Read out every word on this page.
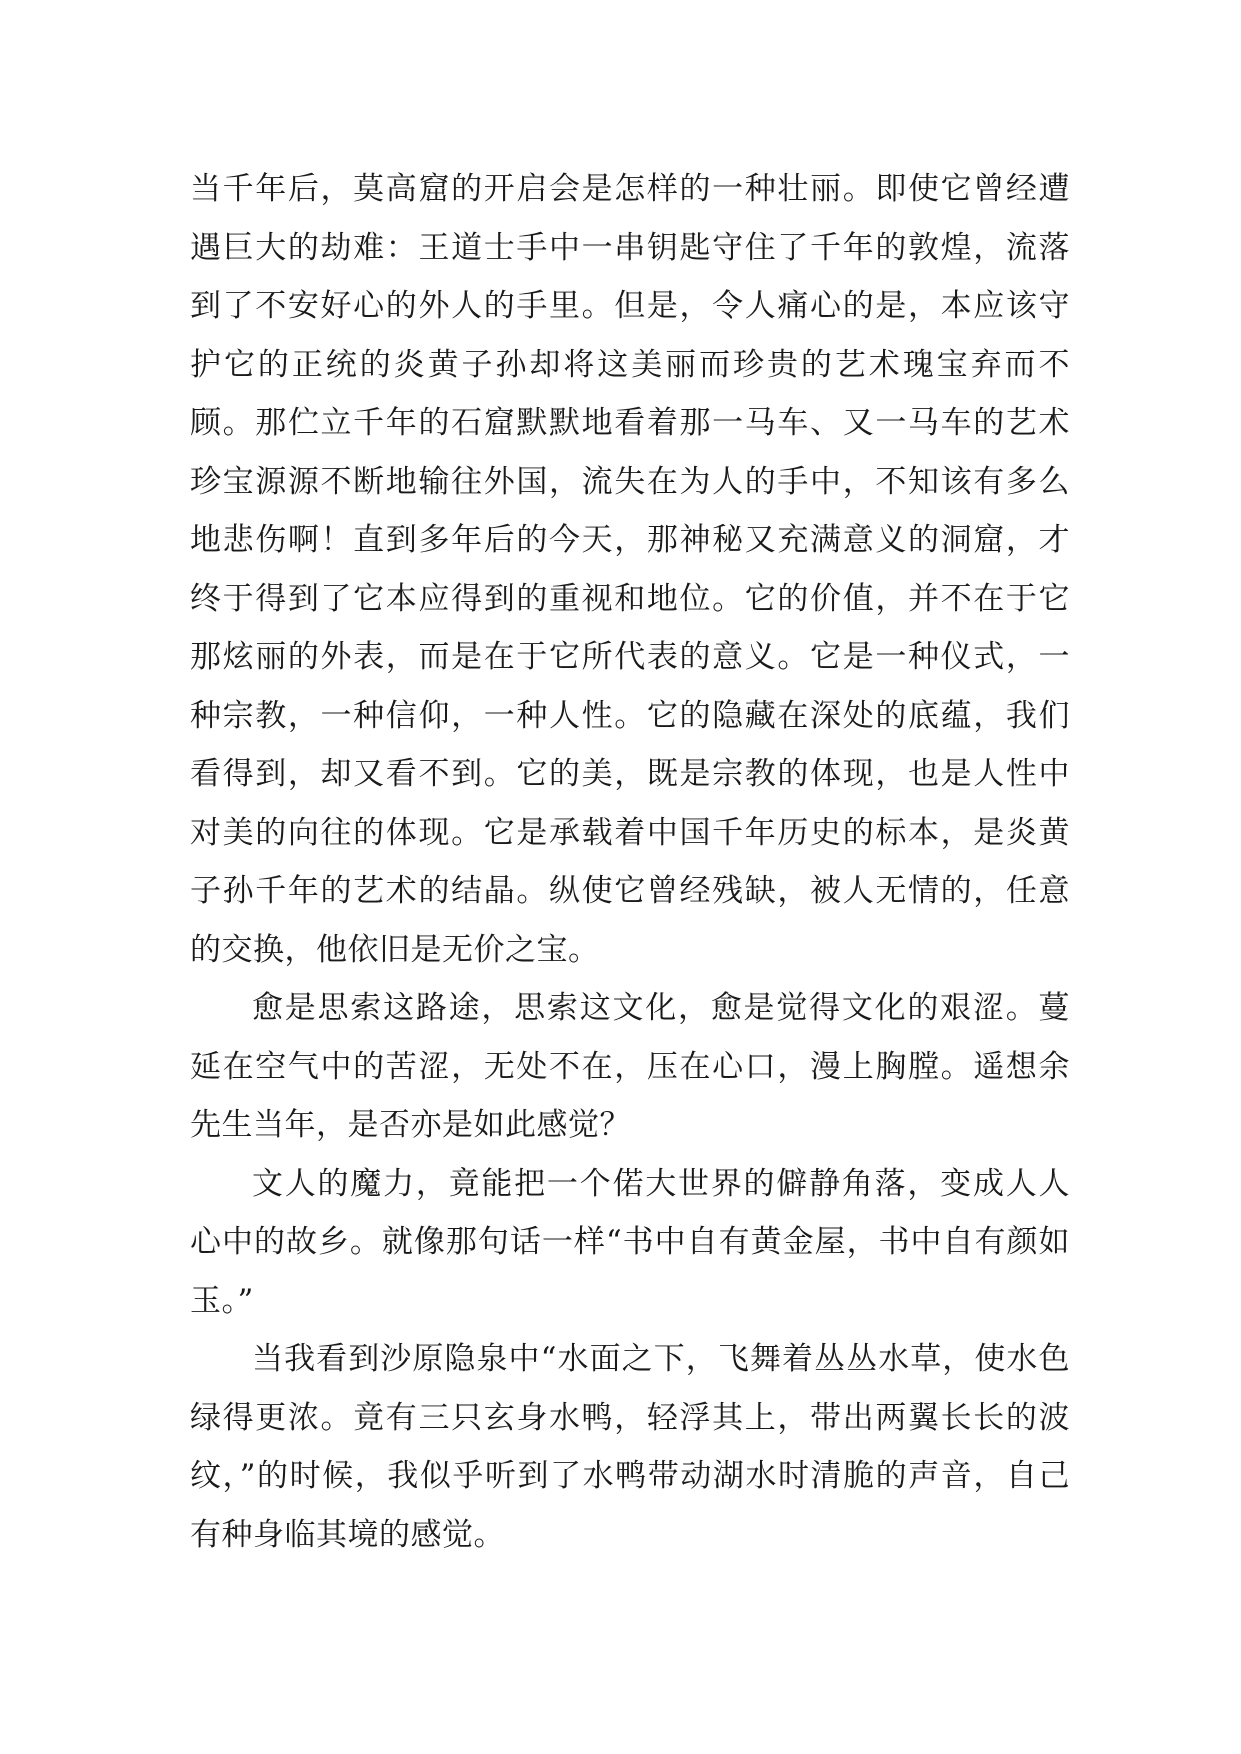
当千年后，莫高窟的开启会是怎样的一种壮丽。即使它曾经遭遇巨大的劫难：王道士手中一串钥匙守住了千年的敦煌，流落到了不安好心的外人的手里。但是，令人痛心的是，本应该守护它的正统的炎黄子孙却将这美丽而珍贵的艺术瑰宝弃而不顾。那伫立千年的石窟默默地看着那一马车、又一马车的艺术珍宝源源不断地输往外国，流失在为人的手中，不知该有多么地悲伤啊！直到多年后的今天，那神秘又充满意义的洞窟，才终于得到了它本应得到的重视和地位。它的价值，并不在于它那炫丽的外表，而是在于它所代表的意义。它是一种仪式，一种宗教，一种信仰，一种人性。它的隐藏在深处的底蕴，我们看得到，却又看不到。它的美，既是宗教的体现，也是人性中对美的向往的体现。它是承载着中国千年历史的标本，是炎黄子孙千年的艺术的结晶。纵使它曾经残缺，被人无情的，任意的交换，他依旧是无价之宝。

愈是思索这路途，思索这文化，愈是觉得文化的艰涩。蔓延在空气中的苦涩，无处不在，压在心口，漫上胸膛。遥想余先生当年，是否亦是如此感觉？

文人的魔力，竟能把一个偌大世界的僻静角落，变成人人心中的故乡。就像那句话一样“书中自有黄金屋，书中自有颜如玉。”

当我看到沙原隐泉中“水面之下，飞舞着丛丛水草，使水色绿得更浓。竟有三只玄身水鸭，轻浮其上，带出两翼长长的波纹，”的时候，我似乎听到了水鸭带动湖水时清脆的声音，自己有种身临其境的感觉。
